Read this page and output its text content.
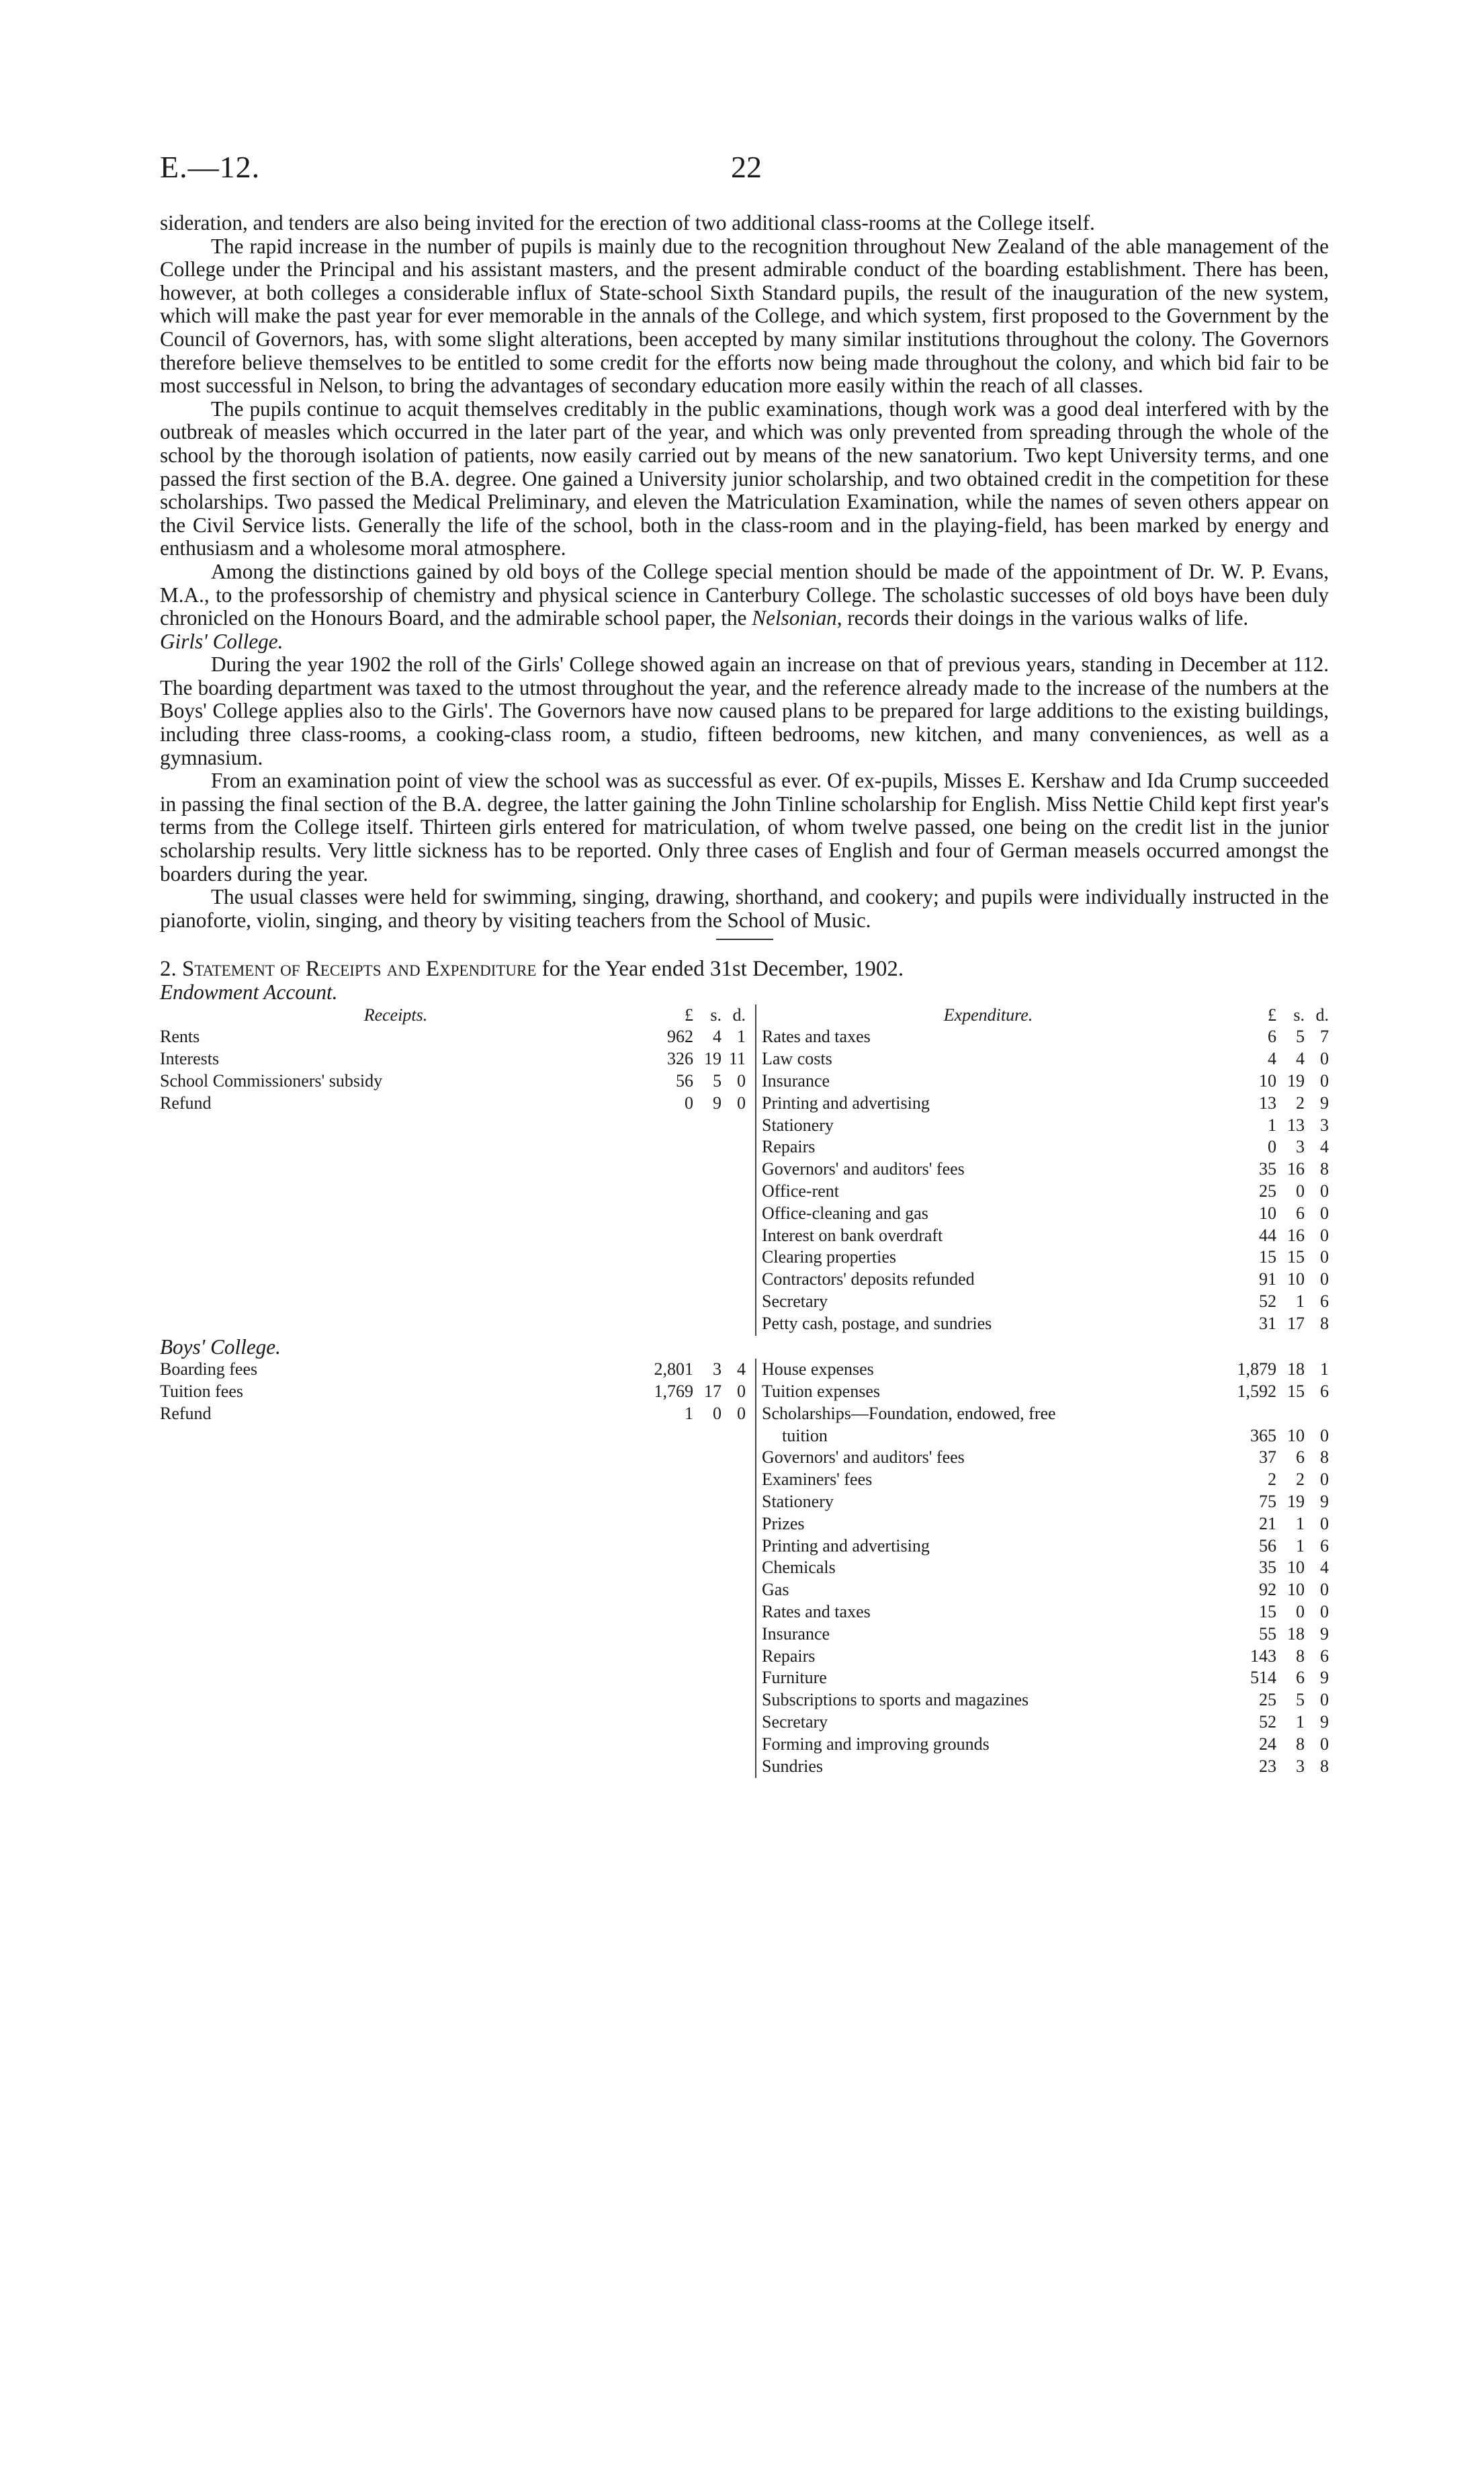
E.—12.	22

sideration, and tenders are also being invited for the erection of two additional class-rooms at the College itself.

The rapid increase in the number of pupils is mainly due to the recognition throughout New Zealand of the able management of the College under the Principal and his assistant masters, and the present admirable conduct of the boarding establishment. There has been, however, at both colleges a considerable influx of State-school Sixth Standard pupils, the result of the inauguration of the new system, which will make the past year for ever memorable in the annals of the College, and which system, first proposed to the Government by the Council of Governors, has, with some slight alterations, been accepted by many similar institutions throughout the colony. The Governors therefore believe themselves to be entitled to some credit for the efforts now being made throughout the colony, and which bid fair to be most successful in Nelson, to bring the advantages of secondary education more easily within the reach of all classes.

The pupils continue to acquit themselves creditably in the public examinations, though work was a good deal interfered with by the outbreak of measles which occurred in the later part of the year, and which was only prevented from spreading through the whole of the school by the thorough isolation of patients, now easily carried out by means of the new sanatorium. Two kept University terms, and one passed the first section of the B.A. degree. One gained a University junior scholarship, and two obtained credit in the competition for these scholarships. Two passed the Medical Preliminary, and eleven the Matriculation Examination, while the names of seven others appear on the Civil Service lists. Generally the life of the school, both in the class-room and in the playing-field, has been marked by energy and enthusiasm and a wholesome moral atmosphere.

Among the distinctions gained by old boys of the College special mention should be made of the appointment of Dr. W. P. Evans, M.A., to the professorship of chemistry and physical science in Canterbury College. The scholastic successes of old boys have been duly chronicled on the Honours Board, and the admirable school paper, the Nelsonian, records their doings in the various walks of life.

Girls' College.

During the year 1902 the roll of the Girls' College showed again an increase on that of previous years, standing in December at 112. The boarding department was taxed to the utmost throughout the year, and the reference already made to the increase of the numbers at the Boys' College applies also to the Girls'. The Governors have now caused plans to be prepared for large additions to the existing buildings, including three class-rooms, a cooking-class room, a studio, fifteen bedrooms, new kitchen, and many conveniences, as well as a gymnasium.

From an examination point of view the school was as successful as ever. Of ex-pupils, Misses E. Kershaw and Ida Crump succeeded in passing the final section of the B.A. degree, the latter gaining the John Tinline scholarship for English. Miss Nettie Child kept first year's terms from the College itself. Thirteen girls entered for matriculation, of whom twelve passed, one being on the credit list in the junior scholarship results. Very little sickness has to be reported. Only three cases of English and four of German measels occurred amongst the boarders during the year.

The usual classes were held for swimming, singing, drawing, shorthand, and cookery; and pupils were individually instructed in the pianoforte, violin, singing, and theory by visiting teachers from the School of Music.

2. Statement of Receipts and Expenditure for the Year ended 31st December, 1902.

Endowment Account.

Receipts.	£ s. d.
Rents	962	4 1
Interests	326 19 11
School Commissioners' subsidy	56	5 0
Refund	0	9 0
Expenditure.	£ s. d.
Rates and taxes	6	5 7
Law costs	4	4 0
Insurance	10 19 0
Printing and advertising	13	2 9
Stationery	1 13 3
Repairs	0	3 4
Governors' and auditors' fees	35 16 8
Office-rent	25	0 0
Office-cleaning and gas	10	6 0
Interest on bank overdraft	44 16 0
Clearing properties	15 15 0
Contractors' deposits refunded	91 10 0
Secretary	52	1 6
Petty cash, postage, and sundries	31 17 8

Boys' College.

Boarding fees	2,801	3 4
Tuition fees	1,769 17 0
Refund	1	0 0
House expenses	1,879 18 1
Tuition expenses	1,592 15 6
Scholarships—Foundation, endowed, free
tuition	365 10 0
Governors' and auditors' fees	37	6 8
Examiners' fees	2	2 0
Stationery	75 19 9
Prizes	21	1 0
Printing and advertising	56	1 6
Chemicals	35 10 4
Gas	92 10 0
Rates and taxes	15	0 0
Insurance	55 18 9
Repairs	143	8 6
Furniture	514	6 9
Subscriptions to sports and magazines	25	5 0
Secretary	52	1 9
Forming and improving grounds	24	8 0
Sundries	23	3 8
